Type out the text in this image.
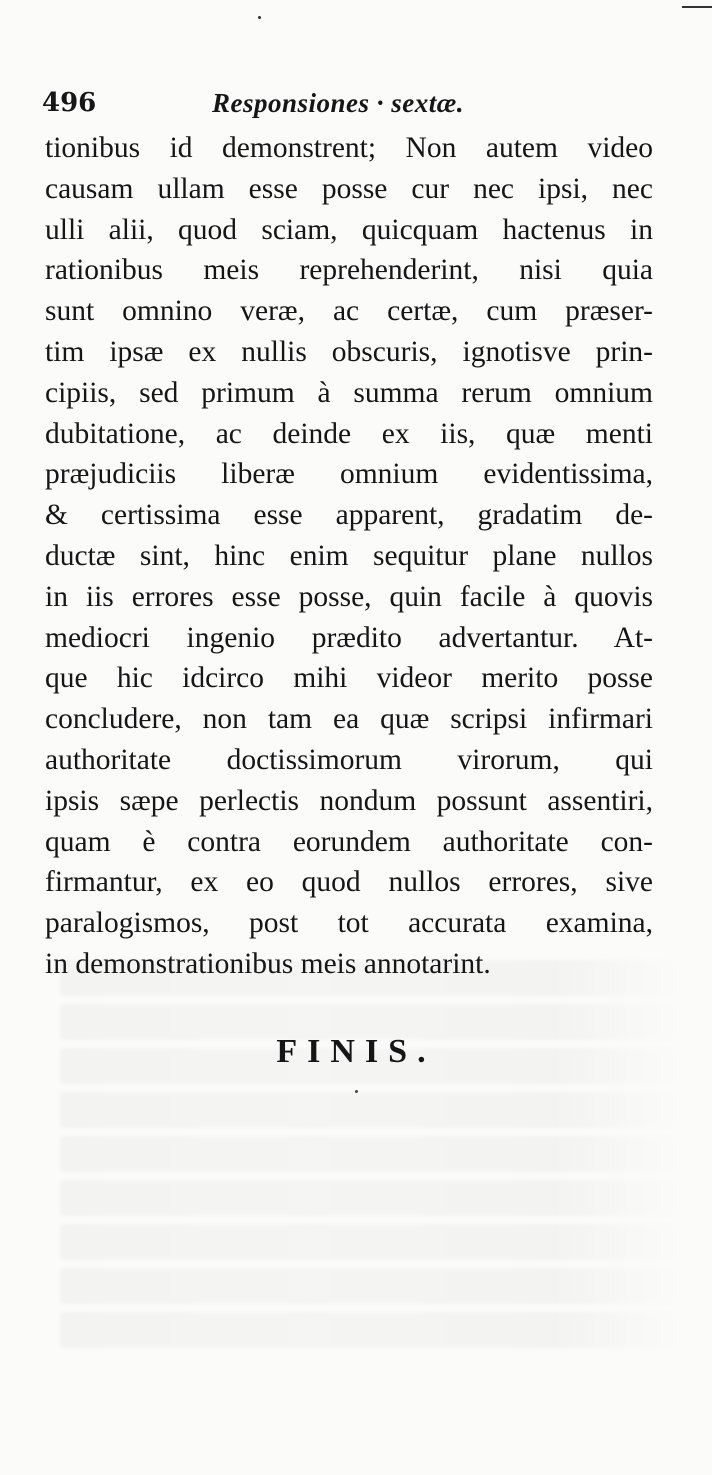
496	Responsiones · sextæ.
tionibus id demonstrent; Non autem video
causam ullam esse posse cur nec ipsi, nec
ulli alii, quod sciam, quicquam hactenus in
rationibus meis reprehenderint, nisi quia
sunt omnino veræ, ac certæ, cum præser-
tim ipsæ ex nullis obscuris, ignotisve prin-
cipiis, sed primum à summa rerum omnium
dubitatione, ac deinde ex iis, quæ menti
præjudiciis liberæ omnium evidentissima,
& certissima esse apparent, gradatim de-
ductæ sint, hinc enim sequitur plane nullos
in iis errores esse posse, quin facile à quovis
mediocri ingenio prædito advertantur. At-
que hic idcirco mihi videor merito posse
concludere, non tam ea quæ scripsi infirmari
authoritate doctissimorum virorum, qui
ipsis sæpe perlectis nondum possunt assentiri,
quam è contra eorundem authoritate con-
firmantur, ex eo quod nullos errores, sive
paralogismos, post tot accurata examina,
in demonstrationibus meis annotarint.
FINIS.
